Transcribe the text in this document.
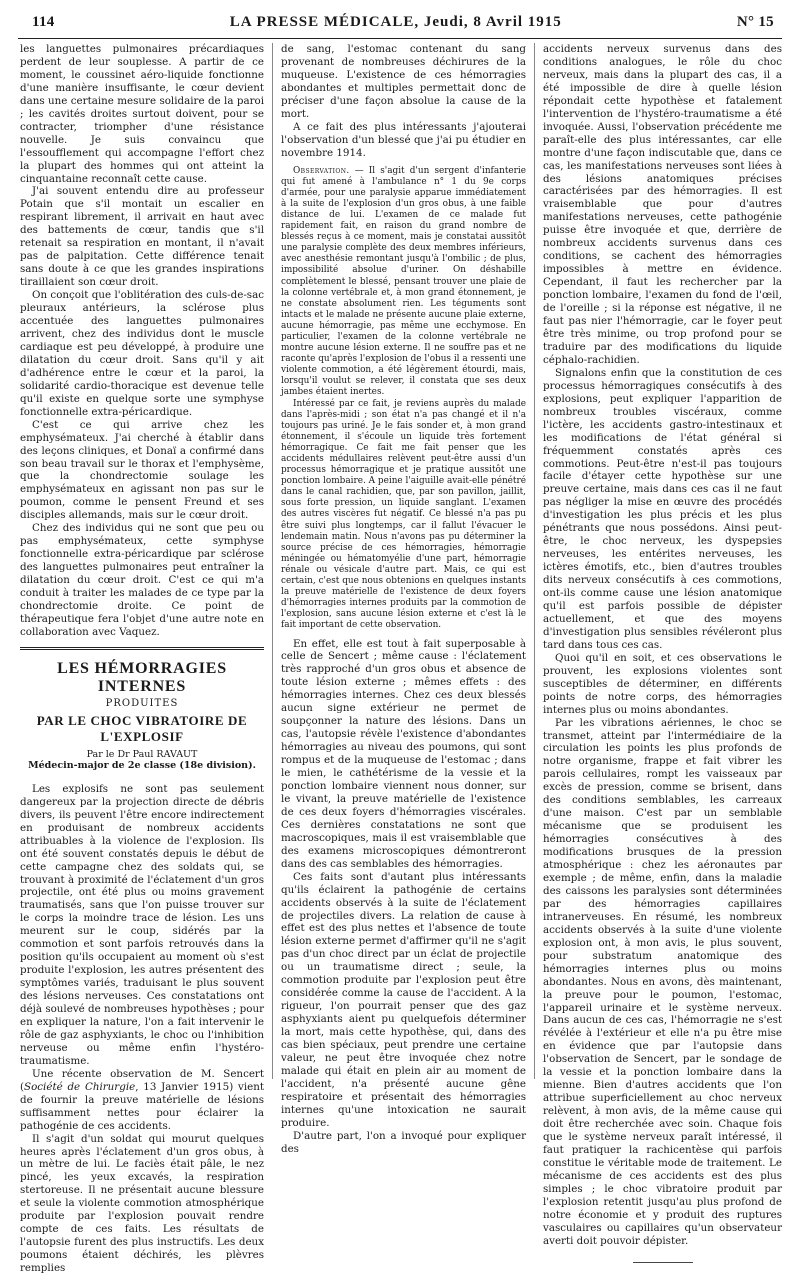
114	LA PRESSE MÉDICALE, Jeudi, 8 Avril 1915	N° 15

les languettes pulmonaires précardiaques perdent de leur souplesse. A partir de ce moment, le coussinet aéro-liquide fonctionne d'une manière insuffisante, le cœur devient dans une certaine mesure solidaire de la paroi ; les cavités droites surtout doivent, pour se contracter, triompher d'une résistance nouvelle. Je suis convaincu que l'essoufflement qui accompagne l'effort chez la plupart des hommes qui ont atteint la cinquantaine reconnaît cette cause.

J'ai souvent entendu dire au professeur Potain que s'il montait un escalier en respirant librement, il arrivait en haut avec des battements de cœur, tandis que s'il retenait sa respiration en montant, il n'avait pas de palpitation. Cette différence tenait sans doute à ce que les grandes inspirations tiraillaient son cœur droit.

On conçoit que l'oblitération des culs-de-sac pleuraux antérieurs, la sclérose plus accentuée des languettes pulmonaires arrivent, chez des individus dont le muscle cardiaque est peu développé, à produire une dilatation du cœur droit. Sans qu'il y ait d'adhérence entre le cœur et la paroi, la solidarité cardio-thoracique est devenue telle qu'il existe en quelque sorte une symphyse fonctionnelle extra-péricardique.

C'est ce qui arrive chez les emphysémateux. J'ai cherché à établir dans des leçons cliniques, et Donaï a confirmé dans son beau travail sur le thorax et l'emphysème, que la chondrectomie soulage les emphysémateux en agissant non pas sur le poumon, comme le pensent Freund et ses disciples allemands, mais sur le cœur droit.

Chez des individus qui ne sont que peu ou pas emphysémateux, cette symphyse fonctionnelle extra-péricardique par sclérose des languettes pulmonaires peut entraîner la dilatation du cœur droit. C'est ce qui m'a conduit à traiter les malades de ce type par la chondrectomie droite. Ce point de thérapeutique fera l'objet d'une autre note en collaboration avec Vaquez.

LES HÉMORRAGIES INTERNES
PRODUITES
PAR LE CHOC VIBRATOIRE DE L'EXPLOSIF
Par le Dr Paul RAVAUT
Médecin-major de 2e classe (18e division).

Les explosifs ne sont pas seulement dangereux par la projection directe de débris divers, ils peuvent l'être encore indirectement en produisant de nombreux accidents attribuables à la violence de l'explosion. Ils ont été souvent constatés depuis le début de cette campagne chez des soldats qui, se trouvant à proximité de l'éclatement d'un gros projectile, ont été plus ou moins gravement traumatisés, sans que l'on puisse trouver sur le corps la moindre trace de lésion. Les uns meurent sur le coup, sidérés par la commotion et sont parfois retrouvés dans la position qu'ils occupaient au moment où s'est produite l'explosion, les autres présentent des symptômes variés, traduisant le plus souvent des lésions nerveuses. Ces constatations ont déjà soulevé de nombreuses hypothèses ; pour en expliquer la nature, l'on a fait intervenir le rôle de gaz asphyxiants, le choc ou l'inhibition nerveuse ou même enfin l'hystéro-traumatisme.

Une récente observation de M. Sencert (Société de Chirurgie, 13 Janvier 1915) vient de fournir la preuve matérielle de lésions suffisamment nettes pour éclairer la pathogénie de ces accidents.

Il s'agit d'un soldat qui mourut quelques heures après l'éclatement d'un gros obus, à un mètre de lui. Le faciès était pâle, le nez pincé, les yeux excavés, la respiration stertoreuse. Il ne présentait aucune blessure et seule la violente commotion atmosphérique produite par l'explosion pouvait rendre compte de ces faits. Les résultats de l'autopsie furent des plus instructifs. Les deux poumons étaient déchirés, les plèvres remplies

de sang, l'estomac contenant du sang provenant de nombreuses déchirures de la muqueuse. L'existence de ces hémorragies abondantes et multiples permettait donc de préciser d'une façon absolue la cause de la mort.

A ce fait des plus intéressants j'ajouterai l'observation d'un blessé que j'ai pu étudier en novembre 1914.

Observation. — Il s'agit d'un sergent d'infanterie qui fut amené à l'ambulance n° 1 du 9e corps d'armée, pour une paralysie apparue immédiatement à la suite de l'explosion d'un gros obus, à une faible distance de lui. L'examen de ce malade fut rapidement fait, en raison du grand nombre de blessés reçus à ce moment, mais je constatai aussitôt une paralysie complète des deux membres inférieurs, avec anesthésie remontant jusqu'à l'ombilic ; de plus, impossibilité absolue d'uriner. On déshabille complètement le blessé, pensant trouver une plaie de la colonne vertébrale et, à mon grand étonnement, je ne constate absolument rien. Les téguments sont intacts et le malade ne présente aucune plaie externe, aucune hémorragie, pas même une ecchymose. En particulier, l'examen de la colonne vertébrale ne montre aucune lésion externe. Il ne souffre pas et ne raconte qu'après l'explosion de l'obus il a ressenti une violente commotion, a été légèrement étourdi, mais, lorsqu'il voulut se relever, il constata que ses deux jambes étaient inertes.

Intéressé par ce fait, je reviens auprès du malade dans l'après-midi ; son état n'a pas changé et il n'a toujours pas uriné. Je le fais sonder et, à mon grand étonnement, il s'écoule un liquide très fortement hémorragique. Ce fait me fait penser que les accidents médullaires relèvent peut-être aussi d'un processus hémorragique et je pratique aussitôt une ponction lombaire. A peine l'aiguille avait-elle pénétré dans le canal rachidien, que, par son pavillon, jaillit, sous forte pression, un liquide sanglant. L'examen des autres viscères fut négatif. Ce blessé n'a pas pu être suivi plus longtemps, car il fallut l'évacuer le lendemain matin. Nous n'avons pas pu déterminer la source précise de ces hémorragies, hémorragie méningée ou hématomyélie d'une part, hémorragie rénale ou vésicale d'autre part. Mais, ce qui est certain, c'est que nous obtenions en quelques instants la preuve matérielle de l'existence de deux foyers d'hémorragies internes produits par la commotion de l'explosion, sans aucune lésion externe et c'est là le fait important de cette observation.

En effet, elle est tout à fait superposable à celle de Sencert ; même cause : l'éclatement très rapproché d'un gros obus et absence de toute lésion externe ; mêmes effets : des hémorragies internes. Chez ces deux blessés aucun signe extérieur ne permet de soupçonner la nature des lésions. Dans un cas, l'autopsie révèle l'existence d'abondantes hémorragies au niveau des poumons, qui sont rompus et de la muqueuse de l'estomac ; dans le mien, le cathétérisme de la vessie et la ponction lombaire viennent nous donner, sur le vivant, la preuve matérielle de l'existence de ces deux foyers d'hémorragies viscérales. Ces dernières constatations ne sont que macroscopiques, mais il est vraisemblable que des examens microscopiques démontreront dans des cas semblables des hémorragies.

Ces faits sont d'autant plus intéressants qu'ils éclairent la pathogénie de certains accidents observés à la suite de l'éclatement de projectiles divers. La relation de cause à effet est des plus nettes et l'absence de toute lésion externe permet d'affirmer qu'il ne s'agit pas d'un choc direct par un éclat de projectile ou un traumatisme direct ; seule, la commotion produite par l'explosion peut être considérée comme la cause de l'accident. A la rigueur, l'on pourrait penser que des gaz asphyxiants aient pu quelquefois déterminer la mort, mais cette hypothèse, qui, dans des cas bien spéciaux, peut prendre une certaine valeur, ne peut être invoquée chez notre malade qui était en plein air au moment de l'accident, n'a présenté aucune gêne respiratoire et présentait des hémorragies internes qu'une intoxication ne saurait produire.

D'autre part, l'on a invoqué pour expliquer des

accidents nerveux survenus dans des conditions analogues, le rôle du choc nerveux, mais dans la plupart des cas, il a été impossible de dire à quelle lésion répondait cette hypothèse et fatalement l'intervention de l'hystéro-traumatisme a été invoquée. Aussi, l'observation précédente me paraît-elle des plus intéressantes, car elle montre d'une façon indiscutable que, dans ce cas, les manifestations nerveuses sont liées à des lésions anatomiques précises caractérisées par des hémorragies. Il est vraisemblable que pour d'autres manifestations nerveuses, cette pathogénie puisse être invoquée et que, derrière de nombreux accidents survenus dans ces conditions, se cachent des hémorragies impossibles à mettre en évidence. Cependant, il faut les rechercher par la ponction lombaire, l'examen du fond de l'œil, de l'oreille ; si la réponse est négative, il ne faut pas nier l'hémorragie, car le foyer peut être très minime, ou trop profond pour se traduire par des modifications du liquide céphalo-rachidien.

Signalons enfin que la constitution de ces processus hémorragiques consécutifs à des explosions, peut expliquer l'apparition de nombreux troubles viscéraux, comme l'ictère, les accidents gastro-intestinaux et les modifications de l'état général si fréquemment constatés après ces commotions. Peut-être n'est-il pas toujours facile d'étayer cette hypothèse sur une preuve certaine, mais dans ces cas il ne faut pas négliger la mise en œuvre des procédés d'investigation les plus précis et les plus pénétrants que nous possédons. Ainsi peut-être, le choc nerveux, les dyspepsies nerveuses, les entérites nerveuses, les ictères émotifs, etc., bien d'autres troubles dits nerveux consécutifs à ces commotions, ont-ils comme cause une lésion anatomique qu'il est parfois possible de dépister actuellement, et que des moyens d'investigation plus sensibles révéleront plus tard dans tous ces cas.

Quoi qu'il en soit, et ces observations le prouvent, les explosions violentes sont susceptibles de déterminer, en différents points de notre corps, des hémorragies internes plus ou moins abondantes.

Par les vibrations aériennes, le choc se transmet, atteint par l'intermédiaire de la circulation les points les plus profonds de notre organisme, frappe et fait vibrer les parois cellulaires, rompt les vaisseaux par excès de pression, comme se brisent, dans des conditions semblables, les carreaux d'une maison. C'est par un semblable mécanisme que se produisent les hémorragies consécutives à des modifications brusques de la pression atmosphérique : chez les aéronautes par exemple ; de même, enfin, dans la maladie des caissons les paralysies sont déterminées par des hémorragies capillaires intranerveuses. En résumé, les nombreux accidents observés à la suite d'une violente explosion ont, à mon avis, le plus souvent, pour substratum anatomique des hémorragies internes plus ou moins abondantes. Nous en avons, dès maintenant, la preuve pour le poumon, l'estomac, l'appareil urinaire et le système nerveux. Dans aucun de ces cas, l'hémorragie ne s'est révélée à l'extérieur et elle n'a pu être mise en évidence que par l'autopsie dans l'observation de Sencert, par le sondage de la vessie et la ponction lombaire dans la mienne. Bien d'autres accidents que l'on attribue superficiellement au choc nerveux relèvent, à mon avis, de la même cause qui doit être recherchée avec soin. Chaque fois que le système nerveux paraît intéressé, il faut pratiquer la rachicentèse qui parfois constitue le véritable mode de traitement. Le mécanisme de ces accidents est des plus simples ; le choc vibratoire produit par l'explosion retentit jusqu'au plus profond de notre économie et y produit des ruptures vasculaires ou capillaires qu'un observateur averti doit pouvoir dépister.
